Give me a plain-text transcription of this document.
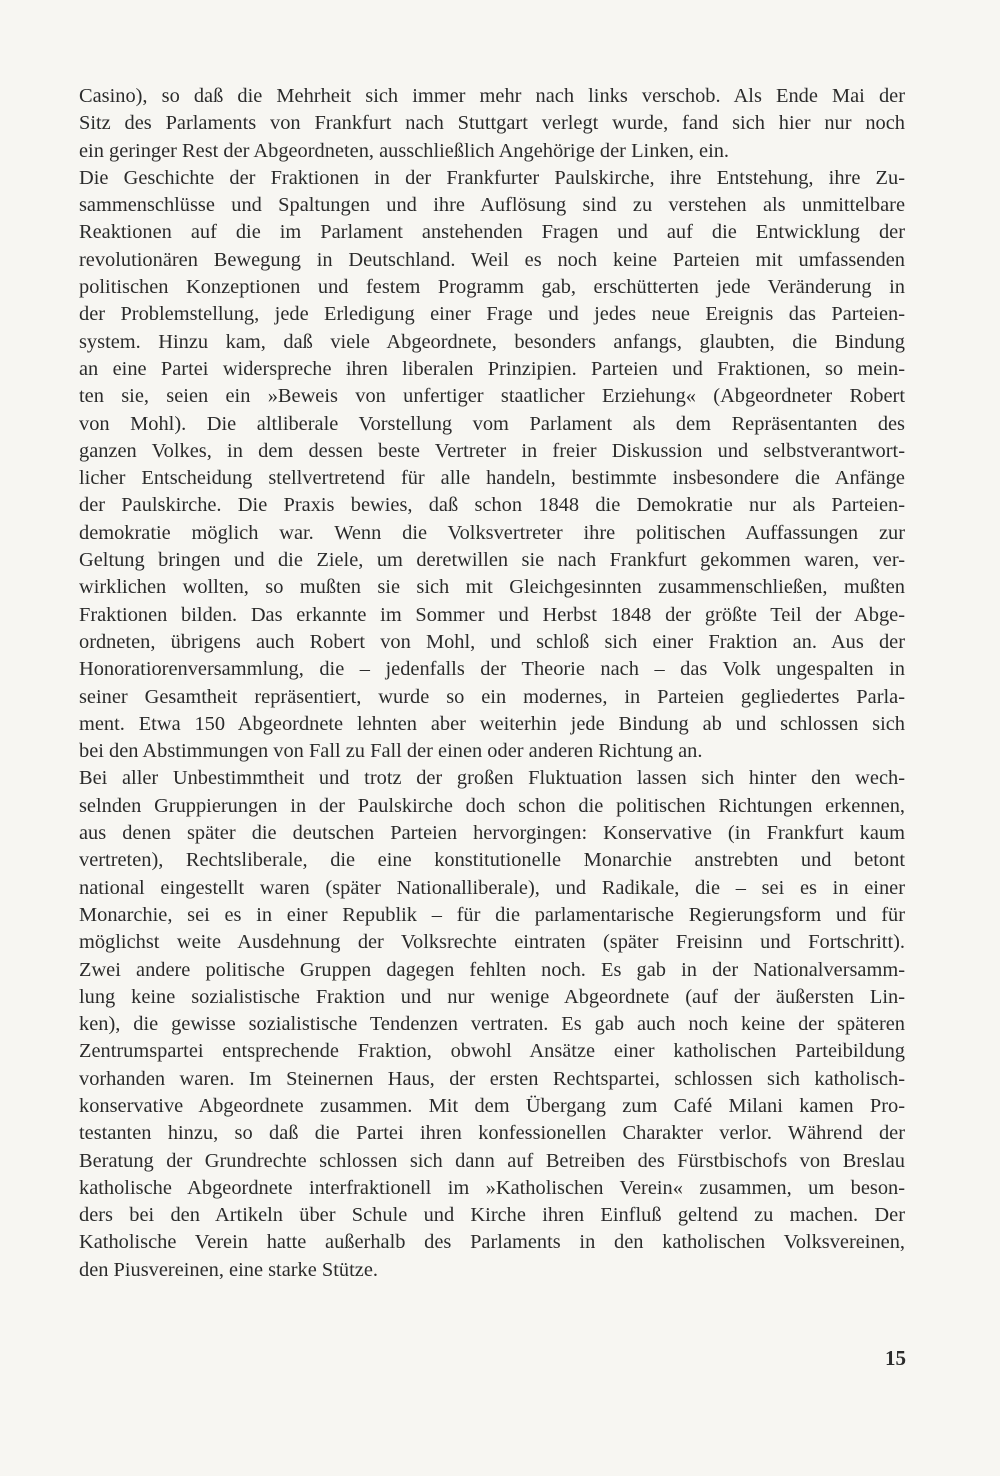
Casino), so daß die Mehrheit sich immer mehr nach links verschob. Als Ende Mai der
Sitz des Parlaments von Frankfurt nach Stuttgart verlegt wurde, fand sich hier nur noch
ein geringer Rest der Abgeordneten, ausschließlich Angehörige der Linken, ein.
Die Geschichte der Fraktionen in der Frankfurter Paulskirche, ihre Entstehung, ihre Zu-
sammenschlüsse und Spaltungen und ihre Auflösung sind zu verstehen als unmittelbare
Reaktionen auf die im Parlament anstehenden Fragen und auf die Entwicklung der
revolutionären Bewegung in Deutschland. Weil es noch keine Parteien mit umfassenden
politischen Konzeptionen und festem Programm gab, erschütterten jede Veränderung in
der Problemstellung, jede Erledigung einer Frage und jedes neue Ereignis das Parteien-
system. Hinzu kam, daß viele Abgeordnete, besonders anfangs, glaubten, die Bindung
an eine Partei widerspreche ihren liberalen Prinzipien. Parteien und Fraktionen, so mein-
ten sie, seien ein »Beweis von unfertiger staatlicher Erziehung« (Abgeordneter Robert
von Mohl). Die altliberale Vorstellung vom Parlament als dem Repräsentanten des
ganzen Volkes, in dem dessen beste Vertreter in freier Diskussion und selbstverantwort-
licher Entscheidung stellvertretend für alle handeln, bestimmte insbesondere die Anfänge
der Paulskirche. Die Praxis bewies, daß schon 1848 die Demokratie nur als Parteien-
demokratie möglich war. Wenn die Volksvertreter ihre politischen Auffassungen zur
Geltung bringen und die Ziele, um deretwillen sie nach Frankfurt gekommen waren, ver-
wirklichen wollten, so mußten sie sich mit Gleichgesinnten zusammenschließen, mußten
Fraktionen bilden. Das erkannte im Sommer und Herbst 1848 der größte Teil der Abge-
ordneten, übrigens auch Robert von Mohl, und schloß sich einer Fraktion an. Aus der
Honoratiorenversammlung, die – jedenfalls der Theorie nach – das Volk ungespalten in
seiner Gesamtheit repräsentiert, wurde so ein modernes, in Parteien gegliedertes Parla-
ment. Etwa 150 Abgeordnete lehnten aber weiterhin jede Bindung ab und schlossen sich
bei den Abstimmungen von Fall zu Fall der einen oder anderen Richtung an.
Bei aller Unbestimmtheit und trotz der großen Fluktuation lassen sich hinter den wech-
selnden Gruppierungen in der Paulskirche doch schon die politischen Richtungen erkennen,
aus denen später die deutschen Parteien hervorgingen: Konservative (in Frankfurt kaum
vertreten), Rechtsliberale, die eine konstitutionelle Monarchie anstrebten und betont
national eingestellt waren (später Nationalliberale), und Radikale, die – sei es in einer
Monarchie, sei es in einer Republik – für die parlamentarische Regierungsform und für
möglichst weite Ausdehnung der Volksrechte eintraten (später Freisinn und Fortschritt).
Zwei andere politische Gruppen dagegen fehlten noch. Es gab in der Nationalversamm-
lung keine sozialistische Fraktion und nur wenige Abgeordnete (auf der äußersten Lin-
ken), die gewisse sozialistische Tendenzen vertraten. Es gab auch noch keine der späteren
Zentrumspartei entsprechende Fraktion, obwohl Ansätze einer katholischen Parteibildung
vorhanden waren. Im Steinernen Haus, der ersten Rechtspartei, schlossen sich katholisch-
konservative Abgeordnete zusammen. Mit dem Übergang zum Café Milani kamen Pro-
testanten hinzu, so daß die Partei ihren konfessionellen Charakter verlor. Während der
Beratung der Grundrechte schlossen sich dann auf Betreiben des Fürstbischofs von Breslau
katholische Abgeordnete interfraktionell im »Katholischen Verein« zusammen, um beson-
ders bei den Artikeln über Schule und Kirche ihren Einfluß geltend zu machen. Der
Katholische Verein hatte außerhalb des Parlaments in den katholischen Volksvereinen,
den Piusvereinen, eine starke Stütze.
15
